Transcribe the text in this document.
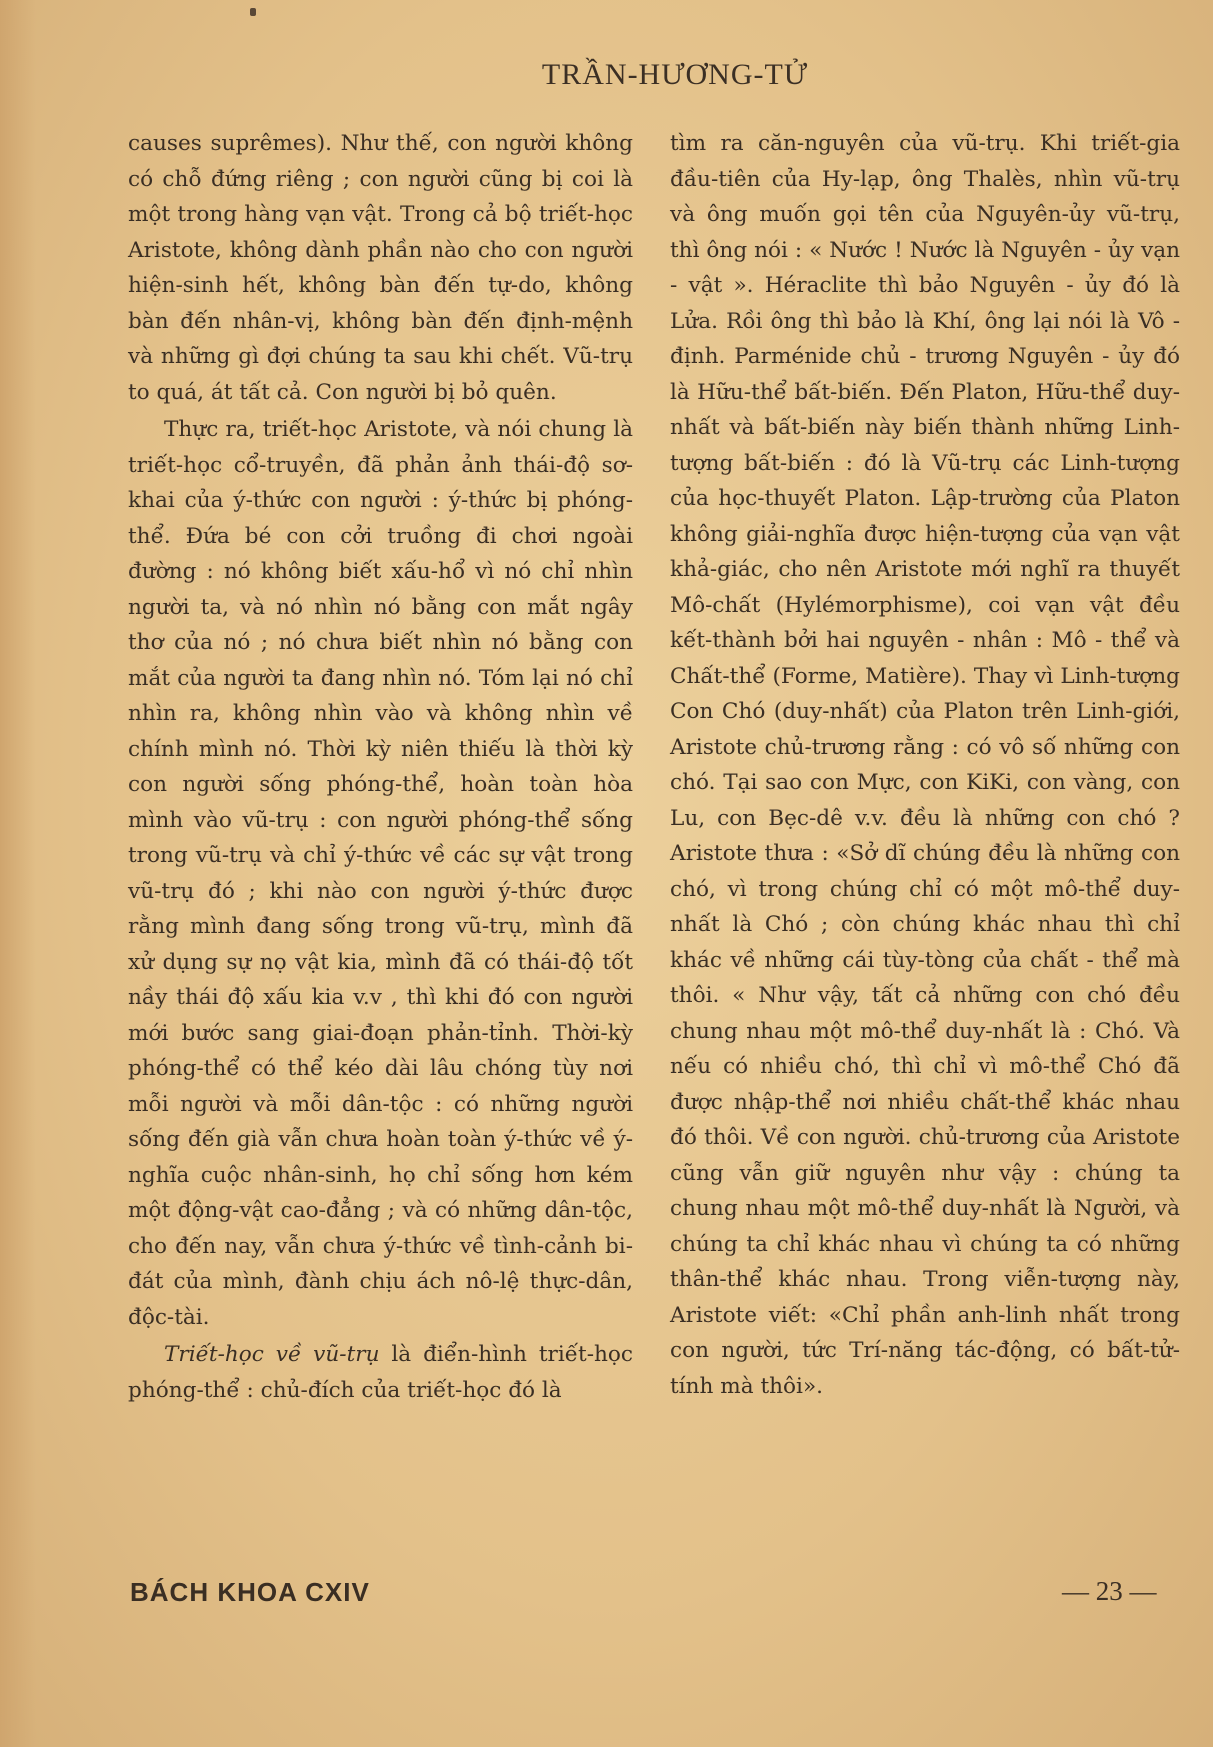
TRẦN-HƯƠNG-TỬ

causes suprêmes). Như thế, con người không có chỗ đứng riêng ; con người cũng bị coi là một trong hàng vạn vật. Trong cả bộ triết-học Aristote, không dành phần nào cho con người hiện-sinh hết, không bàn đến tự-do, không bàn đến nhân-vị, không bàn đến định-mệnh và những gì đợi chúng ta sau khi chết. Vũ-trụ to quá, át tất cả. Con người bị bỏ quên.

Thực ra, triết-học Aristote, và nói chung là triết-học cổ-truyền, đã phản ảnh thái-độ sơ-khai của ý-thức con người : ý-thức bị phóng-thể. Đứa bé con cởi truồng đi chơi ngoài đường : nó không biết xấu-hổ vì nó chỉ nhìn người ta, và nó nhìn nó bằng con mắt ngây thơ của nó ; nó chưa biết nhìn nó bằng con mắt của người ta đang nhìn nó. Tóm lại nó chỉ nhìn ra, không nhìn vào và không nhìn về chính mình nó. Thời kỳ niên thiếu là thời kỳ con người sống phóng-thể, hoàn toàn hòa mình vào vũ-trụ : con người phóng-thể sống trong vũ-trụ và chỉ ý-thức về các sự vật trong vũ-trụ đó ; khi nào con người ý-thức được rằng mình đang sống trong vũ-trụ, mình đã xử dụng sự nọ vật kia, mình đã có thái-độ tốt nầy thái độ xấu kia v.v , thì khi đó con người mới bước sang giai-đoạn phản-tỉnh. Thời-kỳ phóng-thể có thể kéo dài lâu chóng tùy nơi mỗi người và mỗi dân-tộc : có những người sống đến già vẫn chưa hoàn toàn ý-thức về ý-nghĩa cuộc nhân-sinh, họ chỉ sống hơn kém một động-vật cao-đẳng ; và có những dân-tộc, cho đến nay, vẫn chưa ý-thức về tình-cảnh bi-đát của mình, đành chịu ách nô-lệ thực-dân, độc-tài.

Triết-học về vũ-trụ là điển-hình triết-học phóng-thể : chủ-đích của triết-học đó là

tìm ra căn-nguyên của vũ-trụ. Khi triết-gia đầu-tiên của Hy-lạp, ông Thalès, nhìn vũ-trụ và ông muốn gọi tên của Nguyên-ủy vũ-trụ, thì ông nói : « Nước ! Nước là Nguyên - ủy vạn - vật ». Héraclite thì bảo Nguyên - ủy đó là Lửa. Rồi ông thì bảo là Khí, ông lại nói là Vô - định. Parménide chủ - trương Nguyên - ủy đó là Hữu-thể bất-biến. Đến Platon, Hữu-thể duy-nhất và bất-biến này biến thành những Linh-tượng bất-biến : đó là Vũ-trụ các Linh-tượng của học-thuyết Platon. Lập-trường của Platon không giải-nghĩa được hiện-tượng của vạn vật khả-giác, cho nên Aristote mới nghĩ ra thuyết Mô-chất (Hylémorphisme), coi vạn vật đều kết-thành bởi hai nguyên - nhân : Mô - thể và Chất-thể (Forme, Matière). Thay vì Linh-tượng Con Chó (duy-nhất) của Platon trên Linh-giới, Aristote chủ-trương rằng : có vô số những con chó. Tại sao con Mực, con KiKi, con vàng, con Lu, con Bẹc-dê v.v. đều là những con chó ? Aristote thưa : «Sở dĩ chúng đều là những con chó, vì trong chúng chỉ có một mô-thể duy-nhất là Chó ; còn chúng khác nhau thì chỉ khác về những cái tùy-tòng của chất - thể mà thôi. « Như vậy, tất cả những con chó đều chung nhau một mô-thể duy-nhất là : Chó. Và nếu có nhiều chó, thì chỉ vì mô-thể Chó đã được nhập-thể nơi nhiều chất-thể khác nhau đó thôi. Về con người. chủ-trương của Aristote cũng vẫn giữ nguyên như vậy : chúng ta chung nhau một mô-thể duy-nhất là Người, và chúng ta chỉ khác nhau vì chúng ta có những thân-thể khác nhau. Trong viễn-tượng này, Aristote viết: «Chỉ phần anh-linh nhất trong con người, tức Trí-năng tác-động, có bất-tử-tính mà thôi».

BÁCH KHOA CXIV	— 23 —
